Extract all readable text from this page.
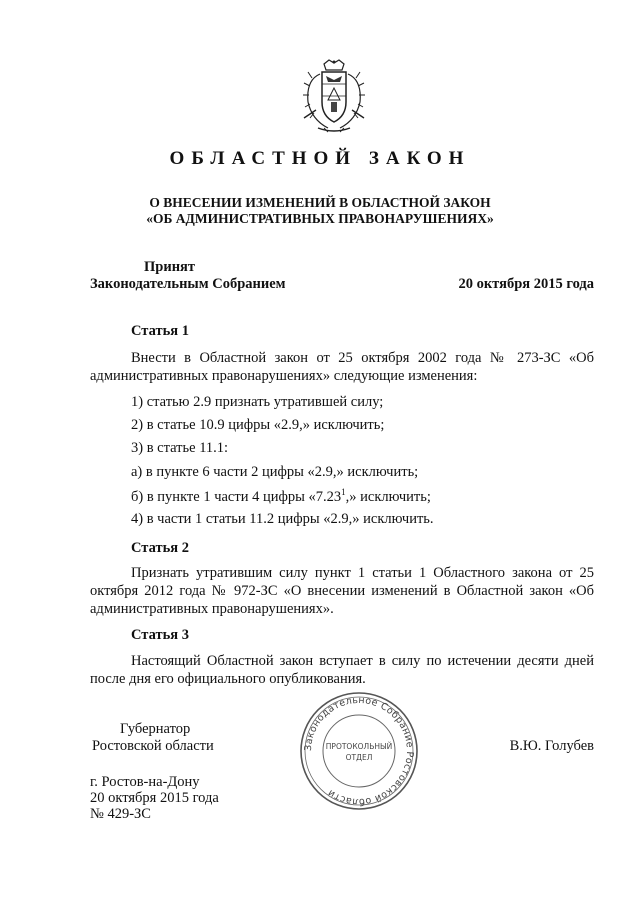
ОБЛАСТНОЙ ЗАКОН
О ВНЕСЕНИИ ИЗМЕНЕНИЙ В ОБЛАСТНОЙ ЗАКОН
«ОБ АДМИНИСТРАТИВНЫХ ПРАВОНАРУШЕНИЯХ»
Принят
Законодательным Собранием	20 октября 2015 года
Статья 1
Внести в Областной закон от 25 октября 2002 года № 273-ЗС «Об административных правонарушениях» следующие изменения:
1) статью 2.9 признать утратившей силу;
2) в статье 10.9 цифры «2.9,» исключить;
3) в статье 11.1:
а) в пункте 6 части 2 цифры «2.9,» исключить;
б) в пункте 1 части 4 цифры «7.23$^1$,» исключить;
4) в части 1 статьи 11.2 цифры «2.9,» исключить.
Статья 2
Признать утратившим силу пункт 1 статьи 1 Областного закона от 25 октября 2012 года № 972-ЗС «О внесении изменений в Областной закон «Об административных правонарушениях».
Статья 3
Настоящий Областной закон вступает в силу по истечении десяти дней после дня его официального опубликования.
Законодательное Собрание Ростовской области
ПРОТОКОЛЬНЫЙ
ОТДЕЛ
Губернатор
Ростовской области	В.Ю. Голубев
г. Ростов-на-Дону
20 октября 2015 года
№ 429-ЗС
